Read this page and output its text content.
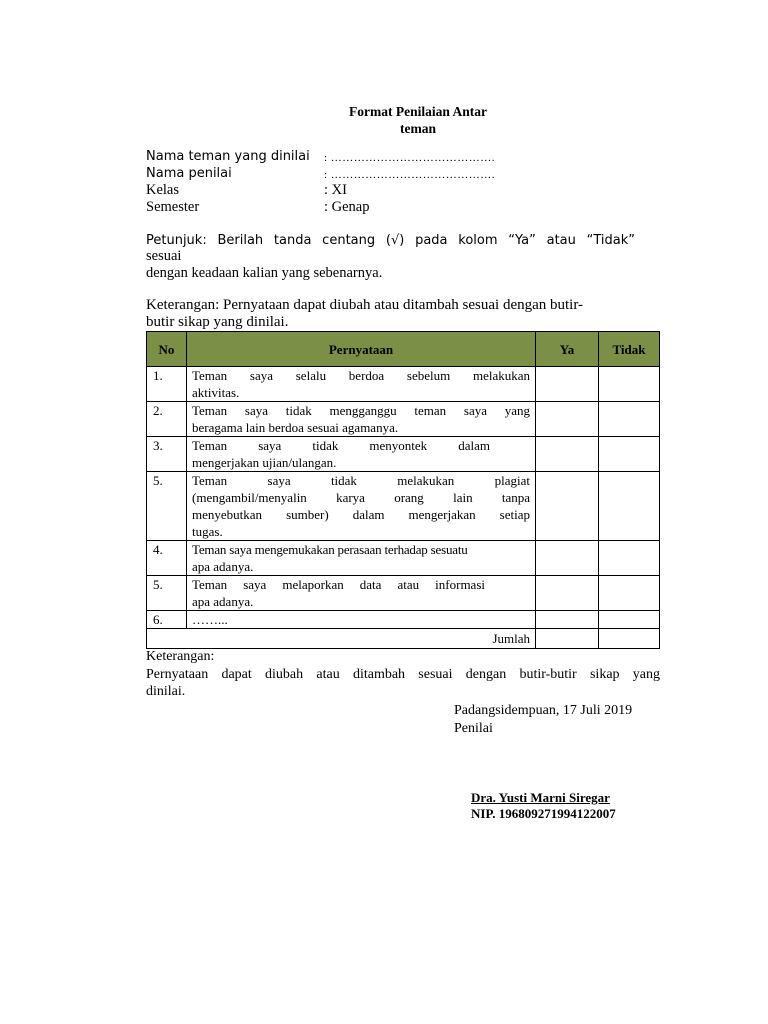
Format Penilaian Antar
teman
Nama teman yang dinilai : …………………………………….
Nama penilai	: …………………………………….
Kelas	: XI
Semester	: Genap
Petunjuk: Berilah tanda centang (√) pada kolom “Ya” atau “Tidak”
sesuai
dengan keadaan kalian yang sebenarnya.
Keterangan: Pernyataan dapat diubah atau ditambah sesuai dengan butir-
butir sikap yang dinilai.
No	Pernyataan	Ya	Tidak
1.	Teman saya selalu berdoa sebelum melakukan
aktivitas.		

2.	Teman saya tidak mengganggu teman saya yang
beragama lain berdoa sesuai agamanya.		

3.	Teman saya tidak menyontek dalam
mengerjakan ujian/ulangan.		

5.	Teman saya tidak melakukan plagiat
(mengambil/menyalin karya orang lain tanpa
menyebutkan sumber) dalam mengerjakan setiap
tugas.		

4.	Teman saya mengemukakan perasaan terhadap sesuatu
apa adanya.		

5.	Teman saya melaporkan data atau informasi
apa adanya.		

6.	……...		
Jumlah			
Keterangan:
Pernyataan dapat diubah atau ditambah sesuai dengan butir-butir sikap yang
dinilai.
Padangsidempuan, 17 Juli 2019
Penilai
Dra. Yusti Marni Siregar
NIP. 196809271994122007
